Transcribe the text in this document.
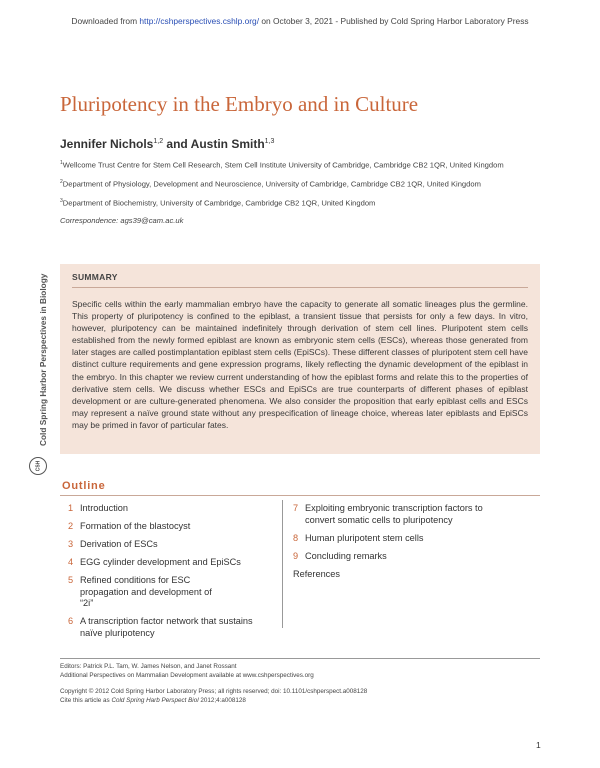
Downloaded from http://cshperspectives.cshlp.org/ on October 3, 2021 - Published by Cold Spring Harbor Laboratory Press
Pluripotency in the Embryo and in Culture
Jennifer Nichols$^{1,2}$ and Austin Smith$^{1,3}$

$^1$Wellcome Trust Centre for Stem Cell Research, Stem Cell Institute University of Cambridge, Cambridge CB2 1QR, United Kingdom

$^2$Department of Physiology, Development and Neuroscience, University of Cambridge, Cambridge CB2 1QR, United Kingdom

$^3$Department of Biochemistry, University of Cambridge, Cambridge CB2 1QR, United Kingdom

Correspondence: ags39@cam.ac.uk

Cold Spring Harbor Perspectives in Biology
CSH
SUMMARY

Specific cells within the early mammalian embryo have the capacity to generate all somatic lineages plus the germline. This property of pluripotency is confined to the epiblast, a transient tissue that persists for only a few days. In vitro, however, pluripotency can be maintained indefinitely through derivation of stem cell lines. Pluripotent stem cells established from the newly formed epiblast are known as embryonic stem cells (ESCs), whereas those generated from later stages are called postimplantation epiblast stem cells (EpiSCs). These different classes of pluripotent stem cell have distinct culture requirements and gene expression programs, likely reflecting the dynamic development of the epiblast in the embryo. In this chapter we review current understanding of how the epiblast forms and relate this to the properties of derivative stem cells. We discuss whether ESCs and EpiSCs are true counterparts of different phases of epiblast development or are culture-generated phenomena. We also consider the proposition that early epiblast cells and ESCs may represent a naïve ground state without any prespecification of lineage choice, whereas later epiblasts and EpiSCs may be primed in favor of particular fates.

Outline
1 Introduction
2 Formation of the blastocyst
3 Derivation of ESCs
4 EGG cylinder development and EpiSCs
5 Refined conditions for ESC propagation and development of “2i”
6 A transcription factor network that sustains naïve pluripotency
7 Exploiting embryonic transcription factors to convert somatic cells to pluripotency
8 Human pluripotent stem cells
9 Concluding remarks
References
Editors: Patrick P.L. Tam, W. James Nelson, and Janet Rossant
Additional Perspectives on Mammalian Development available at www.cshperspectives.org
Copyright © 2012 Cold Spring Harbor Laboratory Press; all rights reserved; doi: 10.1101/cshperspect.a008128
Cite this article as Cold Spring Harb Perspect Biol 2012;4:a008128
1
